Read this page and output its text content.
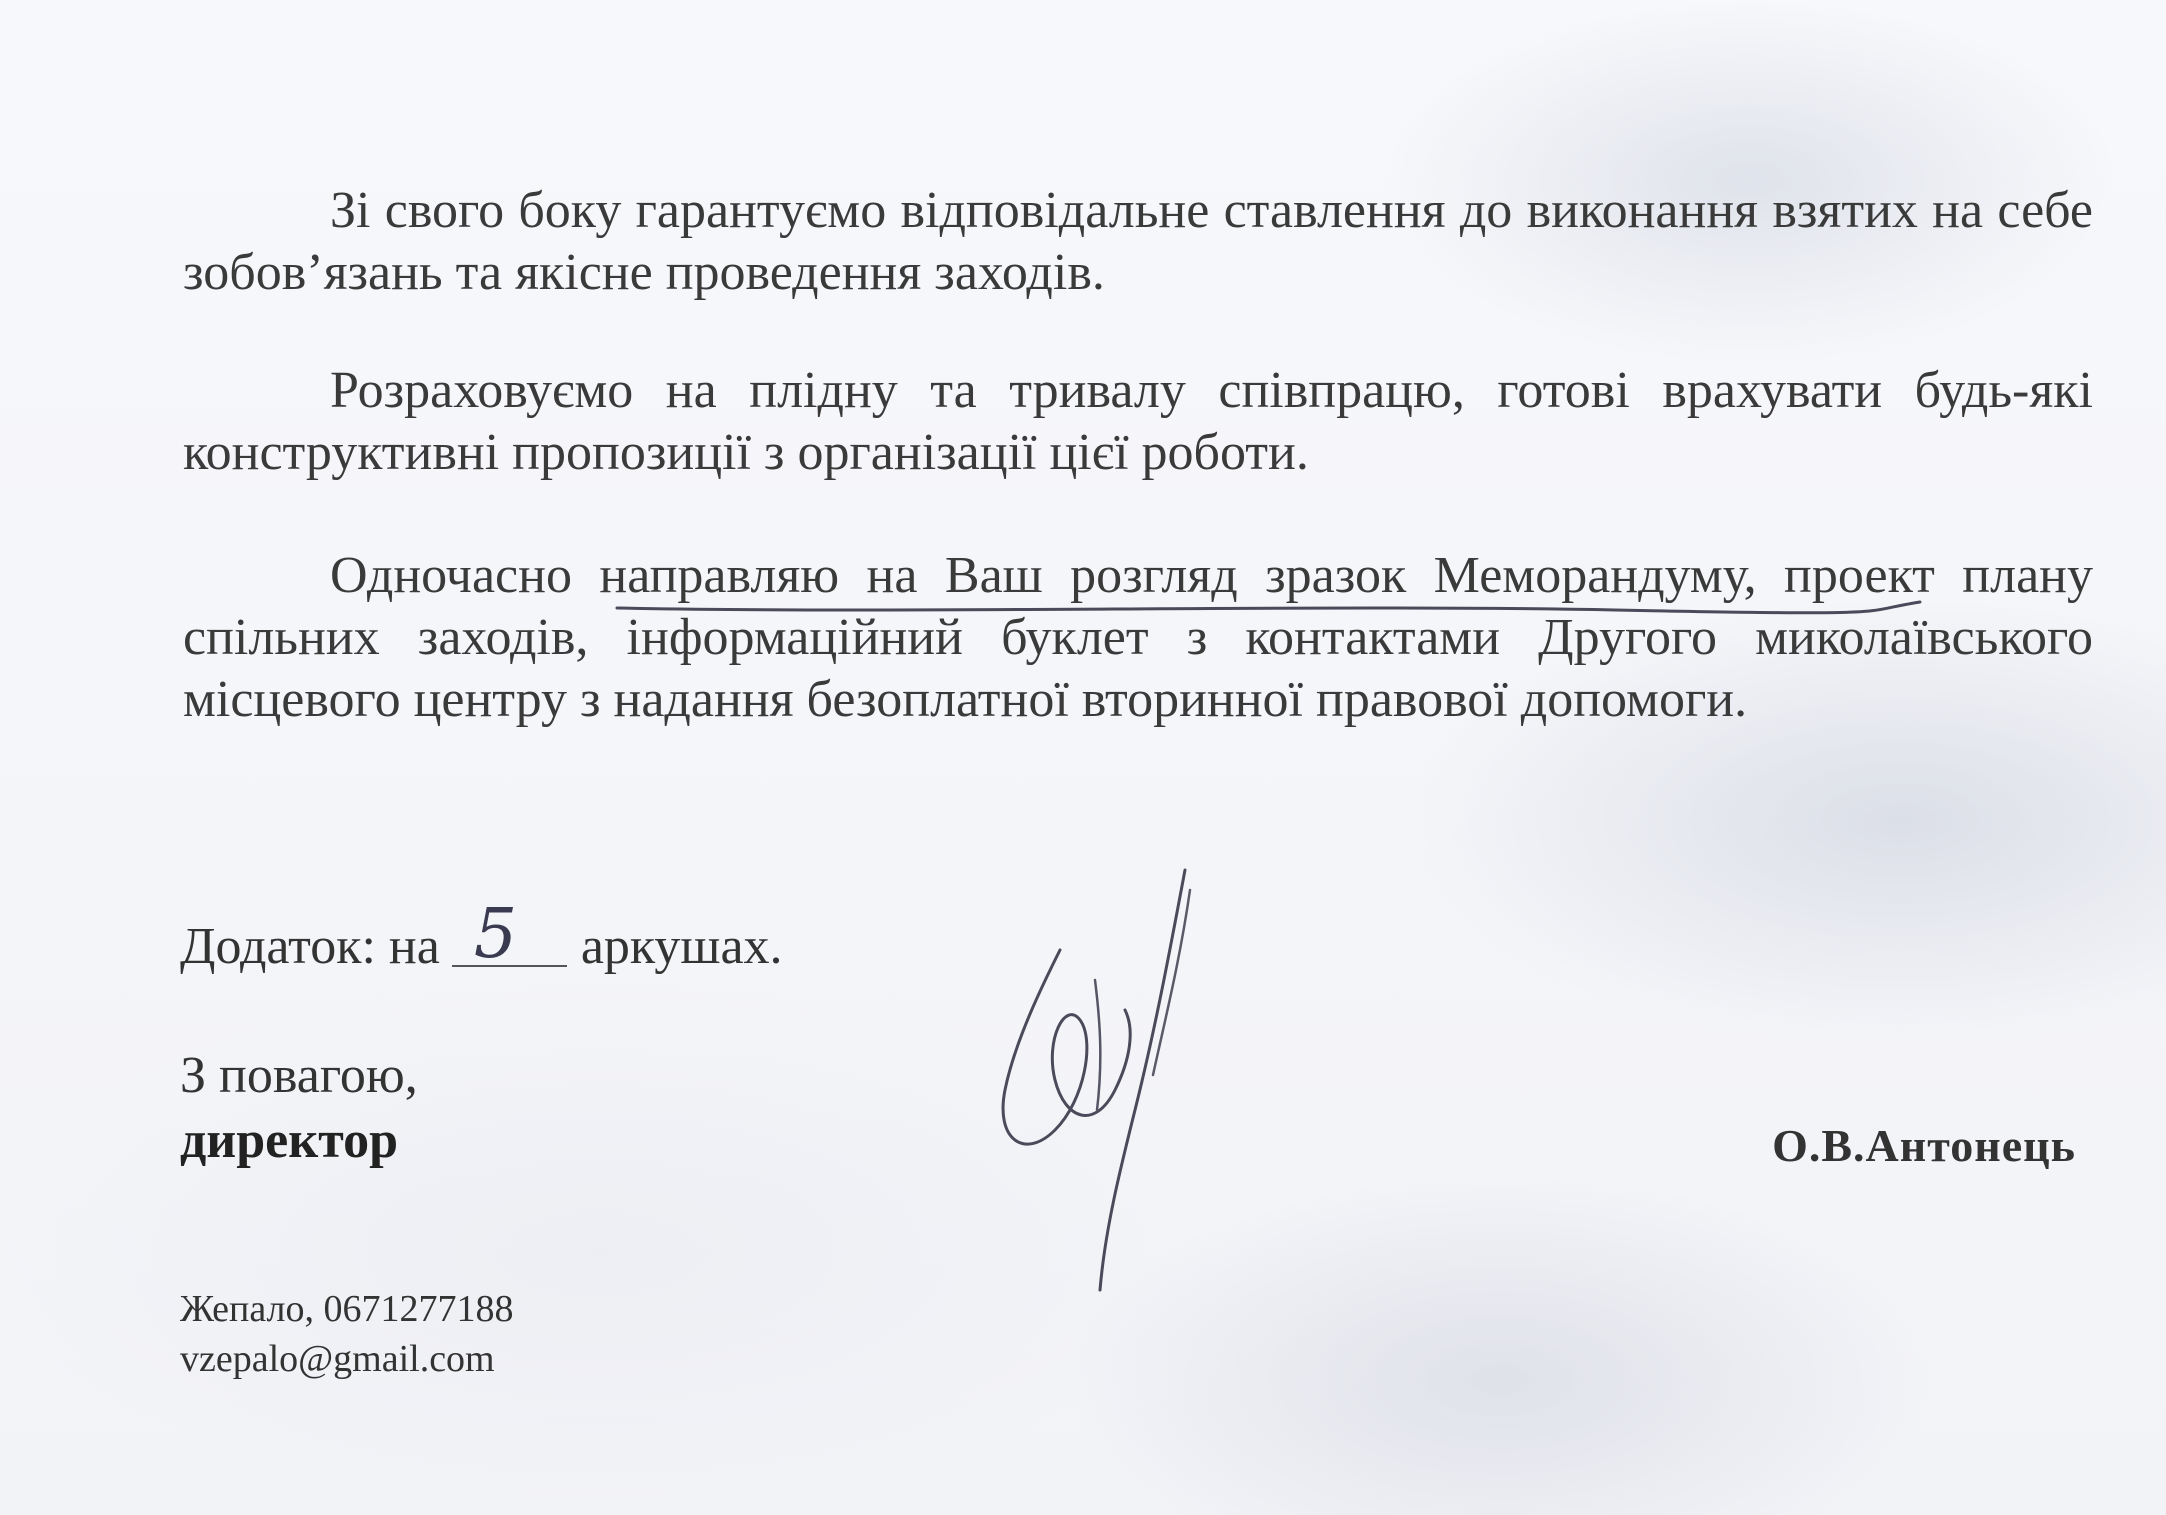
Зі свого боку гарантуємо відповідальне ставлення до виконання взятих на себе зобов’язань та якісне проведення заходів.

Розраховуємо на плідну та тривалу співпрацю, готові врахувати будь-які конструктивні пропозиції з організації цієї роботи.

Одночасно направляю на Ваш розгляд зразок Меморандуму, проект плану спільних заходів, інформаційний буклет з контактами Другого миколаївського місцевого центру з надання безоплатної вторинної правової допомоги.

Додаток: на 5 аркушах.

З повагою,

директор	О.В.Антонець

Жепало, 0671277188

vzepalo@gmail.com
